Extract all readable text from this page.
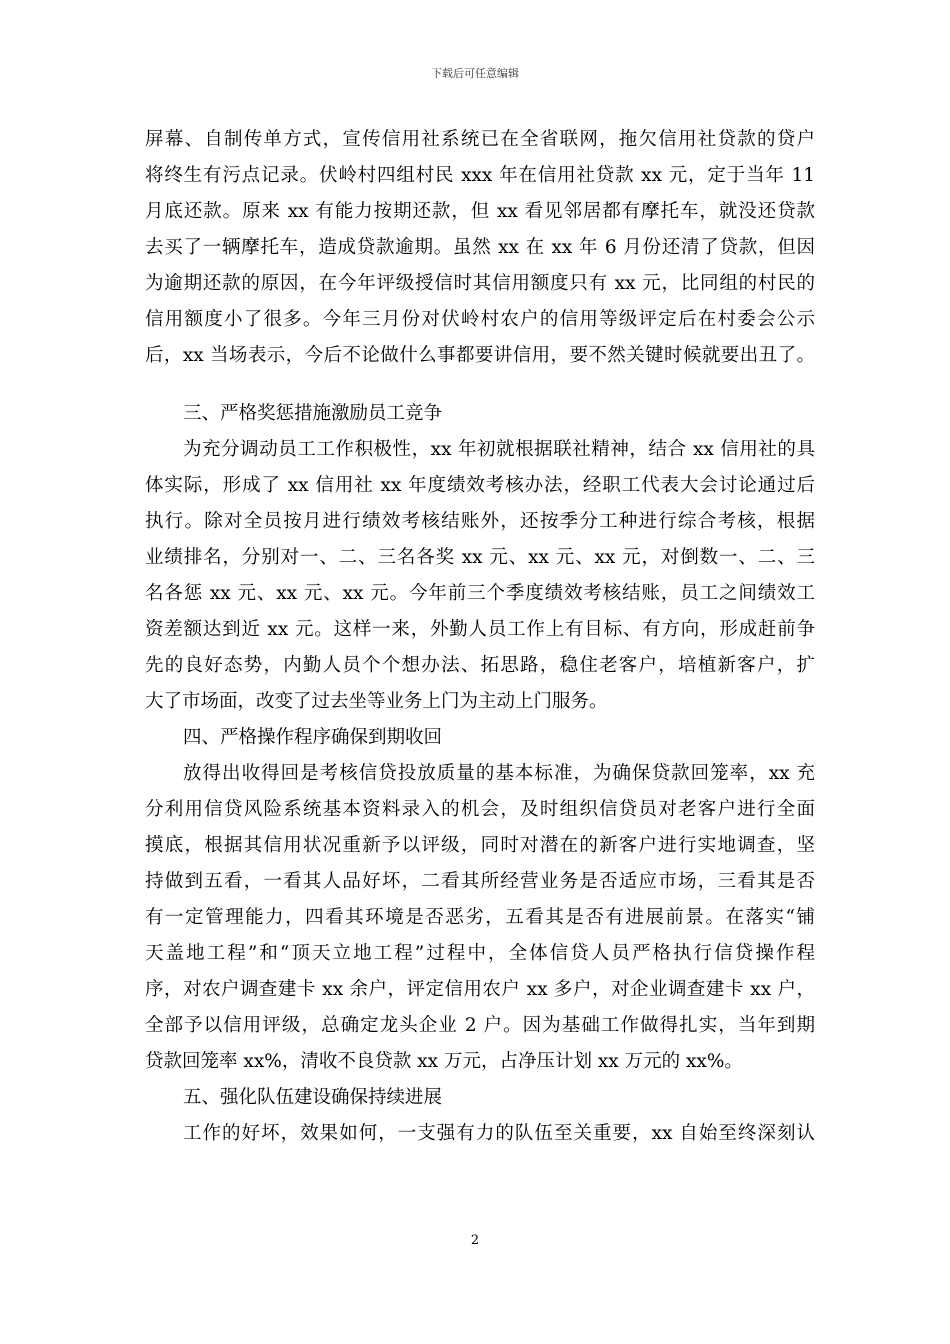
下载后可任意编辑
屏幕、自制传单方式，宣传信用社系统已在全省联网，拖欠信用社贷款的贷户
将终生有污点记录。伏岭村四组村民 xxx 年在信用社贷款 xx 元，定于当年 11
月底还款。原来 xx 有能力按期还款，但 xx 看见邻居都有摩托车，就没还贷款
去买了一辆摩托车，造成贷款逾期。虽然 xx 在 xx 年 6 月份还清了贷款，但因
为逾期还款的原因，在今年评级授信时其信用额度只有 xx 元，比同组的村民的
信用额度小了很多。今年三月份对伏岭村农户的信用等级评定后在村委会公示
后，xx 当场表示，今后不论做什么事都要讲信用，要不然关键时候就要出丑了。
三、严格奖惩措施激励员工竞争
为充分调动员工工作积极性，xx 年初就根据联社精神，结合 xx 信用社的具
体实际，形成了 xx 信用社 xx 年度绩效考核办法，经职工代表大会讨论通过后
执行。除对全员按月进行绩效考核结账外，还按季分工种进行综合考核，根据
业绩排名，分别对一、二、三名各奖 xx 元、xx 元、xx 元，对倒数一、二、三
名各惩 xx 元、xx 元、xx 元。今年前三个季度绩效考核结账，员工之间绩效工
资差额达到近 xx 元。这样一来，外勤人员工作上有目标、有方向，形成赶前争
先的良好态势，内勤人员个个想办法、拓思路，稳住老客户，培植新客户，扩
大了市场面，改变了过去坐等业务上门为主动上门服务。
四、严格操作程序确保到期收回
放得出收得回是考核信贷投放质量的基本标准，为确保贷款回笼率，xx 充
分利用信贷风险系统基本资料录入的机会，及时组织信贷员对老客户进行全面
摸底，根据其信用状况重新予以评级，同时对潜在的新客户进行实地调查，坚
持做到五看，一看其人品好坏，二看其所经营业务是否适应市场，三看其是否
有一定管理能力，四看其环境是否恶劣，五看其是否有进展前景。在落实“铺
天盖地工程”和“顶天立地工程”过程中，全体信贷人员严格执行信贷操作程
序，对农户调查建卡 xx 余户，评定信用农户 xx 多户，对企业调查建卡 xx 户，
全部予以信用评级，总确定龙头企业 2 户。因为基础工作做得扎实，当年到期
贷款回笼率 xx%，清收不良贷款 xx 万元，占净压计划 xx 万元的 xx%。
五、强化队伍建设确保持续进展
工作的好坏，效果如何，一支强有力的队伍至关重要，xx 自始至终深刻认
2
